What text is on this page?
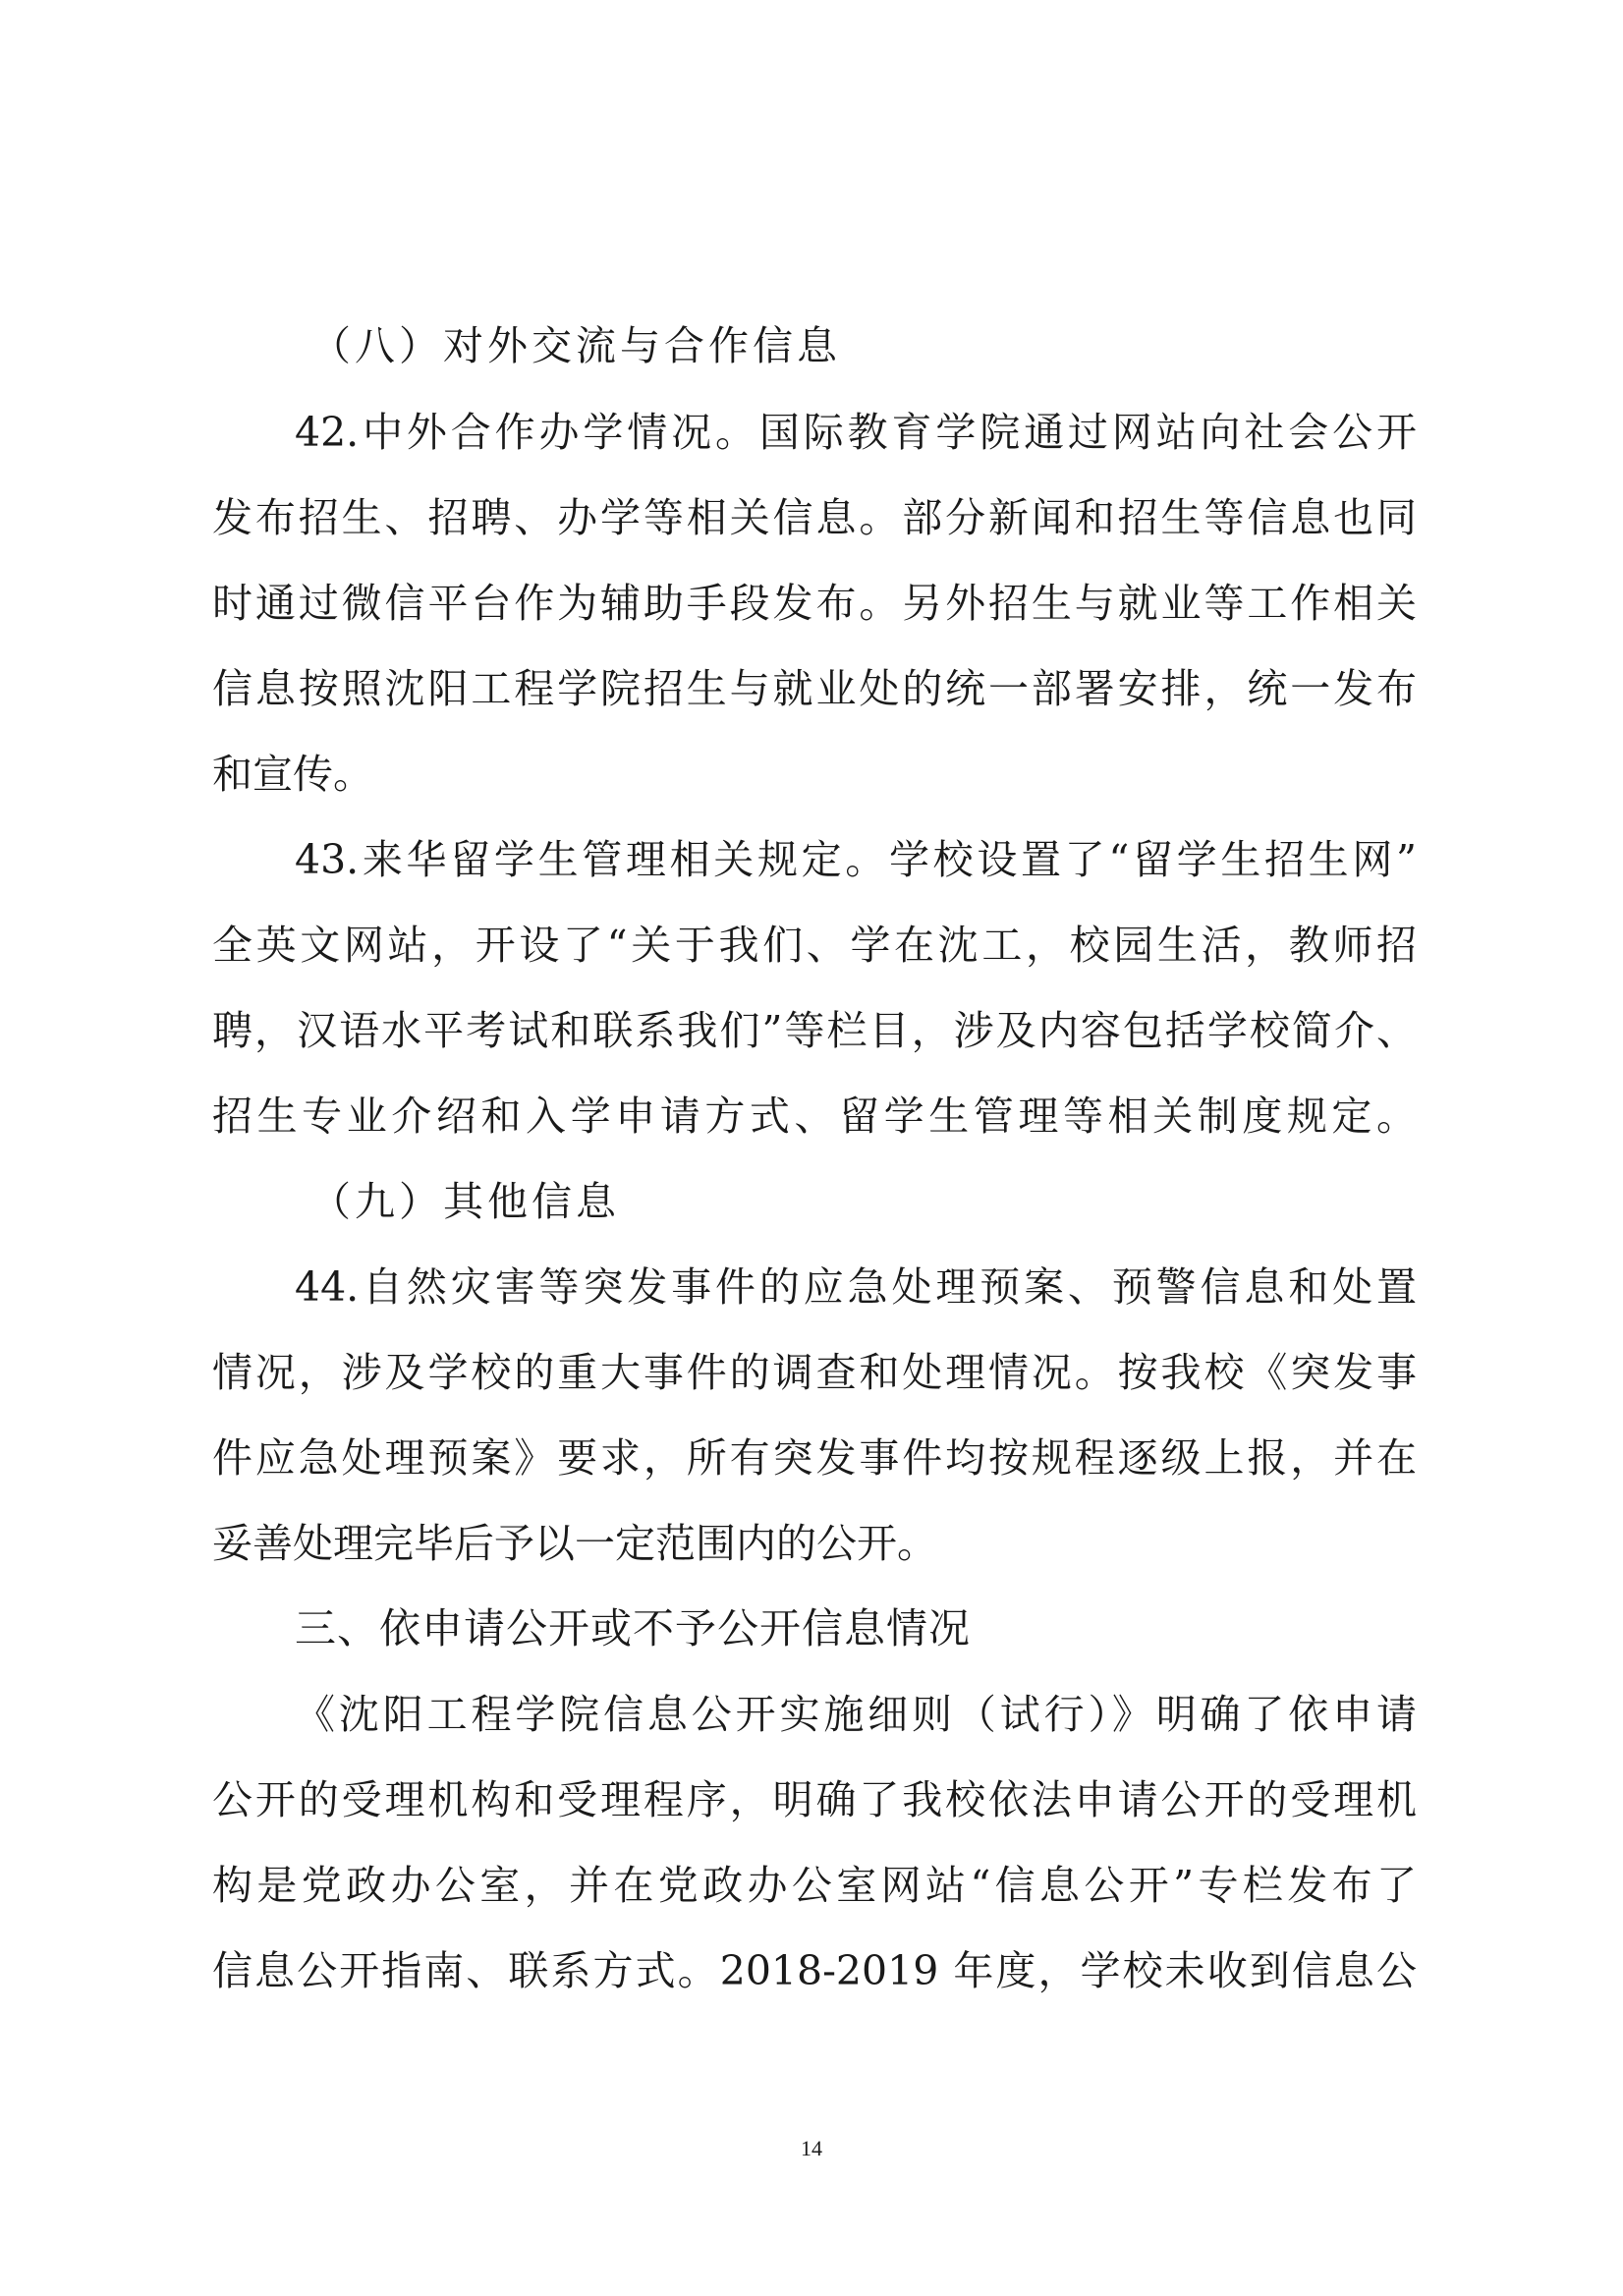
（八）对外交流与合作信息
42.中外合作办学情况。国际教育学院通过网站向社会公开
发布招生、招聘、办学等相关信息。部分新闻和招生等信息也同
时通过微信平台作为辅助手段发布。另外招生与就业等工作相关
信息按照沈阳工程学院招生与就业处的统一部署安排，统一发布
和宣传。
43.来华留学生管理相关规定。学校设置了“留学生招生网”
全英文网站，开设了“关于我们、学在沈工，校园生活，教师招
聘，汉语水平考试和联系我们”等栏目，涉及内容包括学校简介、
招生专业介绍和入学申请方式、留学生管理等相关制度规定。
（九）其他信息
44.自然灾害等突发事件的应急处理预案、预警信息和处置
情况，涉及学校的重大事件的调查和处理情况。按我校《突发事
件应急处理预案》要求，所有突发事件均按规程逐级上报，并在
妥善处理完毕后予以一定范围内的公开。
三、依申请公开或不予公开信息情况
《沈阳工程学院信息公开实施细则（试行）》明确了依申请
公开的受理机构和受理程序，明确了我校依法申请公开的受理机
构是党政办公室，并在党政办公室网站“信息公开”专栏发布了
信息公开指南、联系方式。2018-2019 年度，学校未收到信息公
14
